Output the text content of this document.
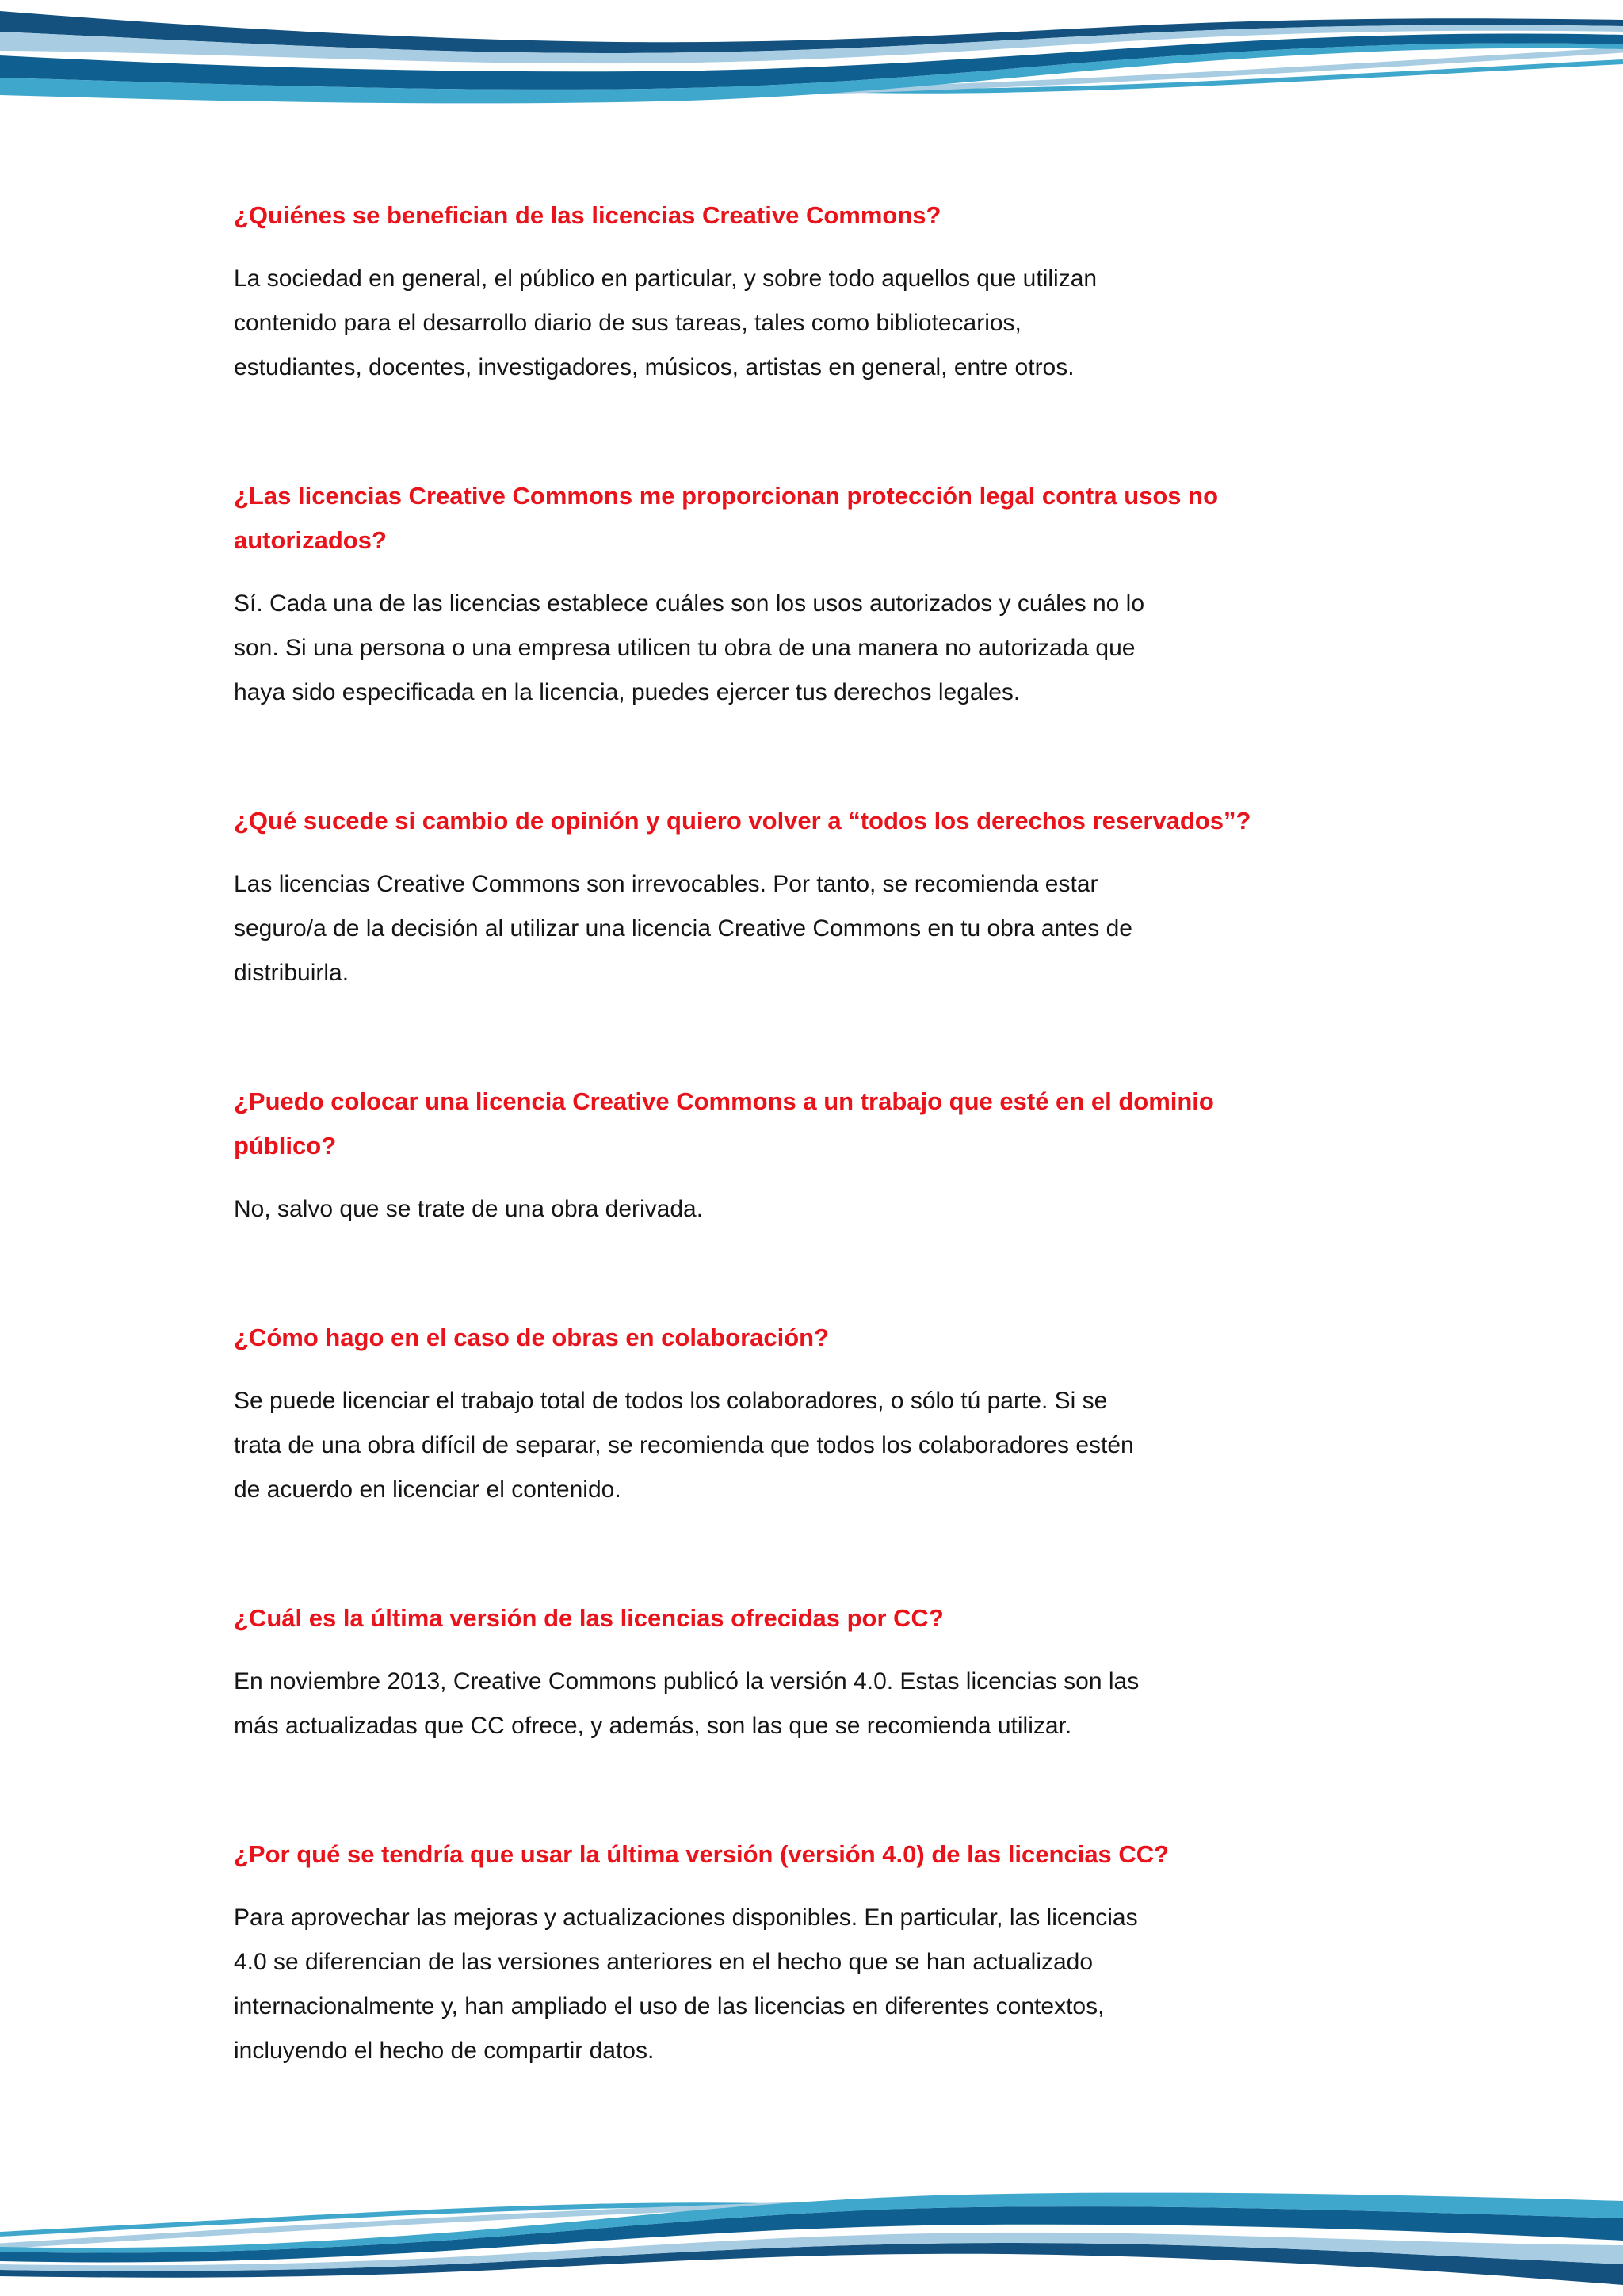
¿Quiénes se benefician de las licencias Creative Commons?

La sociedad en general, el público en particular, y sobre todo aquellos que utilizan
contenido para el desarrollo diario de sus tareas, tales como bibliotecarios,
estudiantes, docentes, investigadores, músicos, artistas en general, entre otros.

¿Las licencias Creative Commons me proporcionan protección legal contra usos no
autorizados?

Sí. Cada una de las licencias establece cuáles son los usos autorizados y cuáles no lo
son. Si una persona o una empresa utilicen tu obra de una manera no autorizada que
haya sido especificada en la licencia, puedes ejercer tus derechos legales.

¿Qué sucede si cambio de opinión y quiero volver a “todos los derechos reservados”?

Las licencias Creative Commons son irrevocables. Por tanto, se recomienda estar
seguro/a de la decisión al utilizar una licencia Creative Commons en tu obra antes de
distribuirla.

¿Puedo colocar una licencia Creative Commons a un trabajo que esté en el dominio
público?

No, salvo que se trate de una obra derivada.

¿Cómo hago en el caso de obras en colaboración?

Se puede licenciar el trabajo total de todos los colaboradores, o sólo tú parte. Si se
trata de una obra difícil de separar, se recomienda que todos los colaboradores estén
de acuerdo en licenciar el contenido.

¿Cuál es la última versión de las licencias ofrecidas por CC?

En noviembre 2013, Creative Commons publicó la versión 4.0. Estas licencias son las
más actualizadas que CC ofrece, y además, son las que se recomienda utilizar.

¿Por qué se tendría que usar la última versión (versión 4.0) de las licencias CC?

Para aprovechar las mejoras y actualizaciones disponibles. En particular, las licencias
4.0 se diferencian de las versiones anteriores en el hecho que se han actualizado
internacionalmente y, han ampliado el uso de las licencias en diferentes contextos,
incluyendo el hecho de compartir datos.
